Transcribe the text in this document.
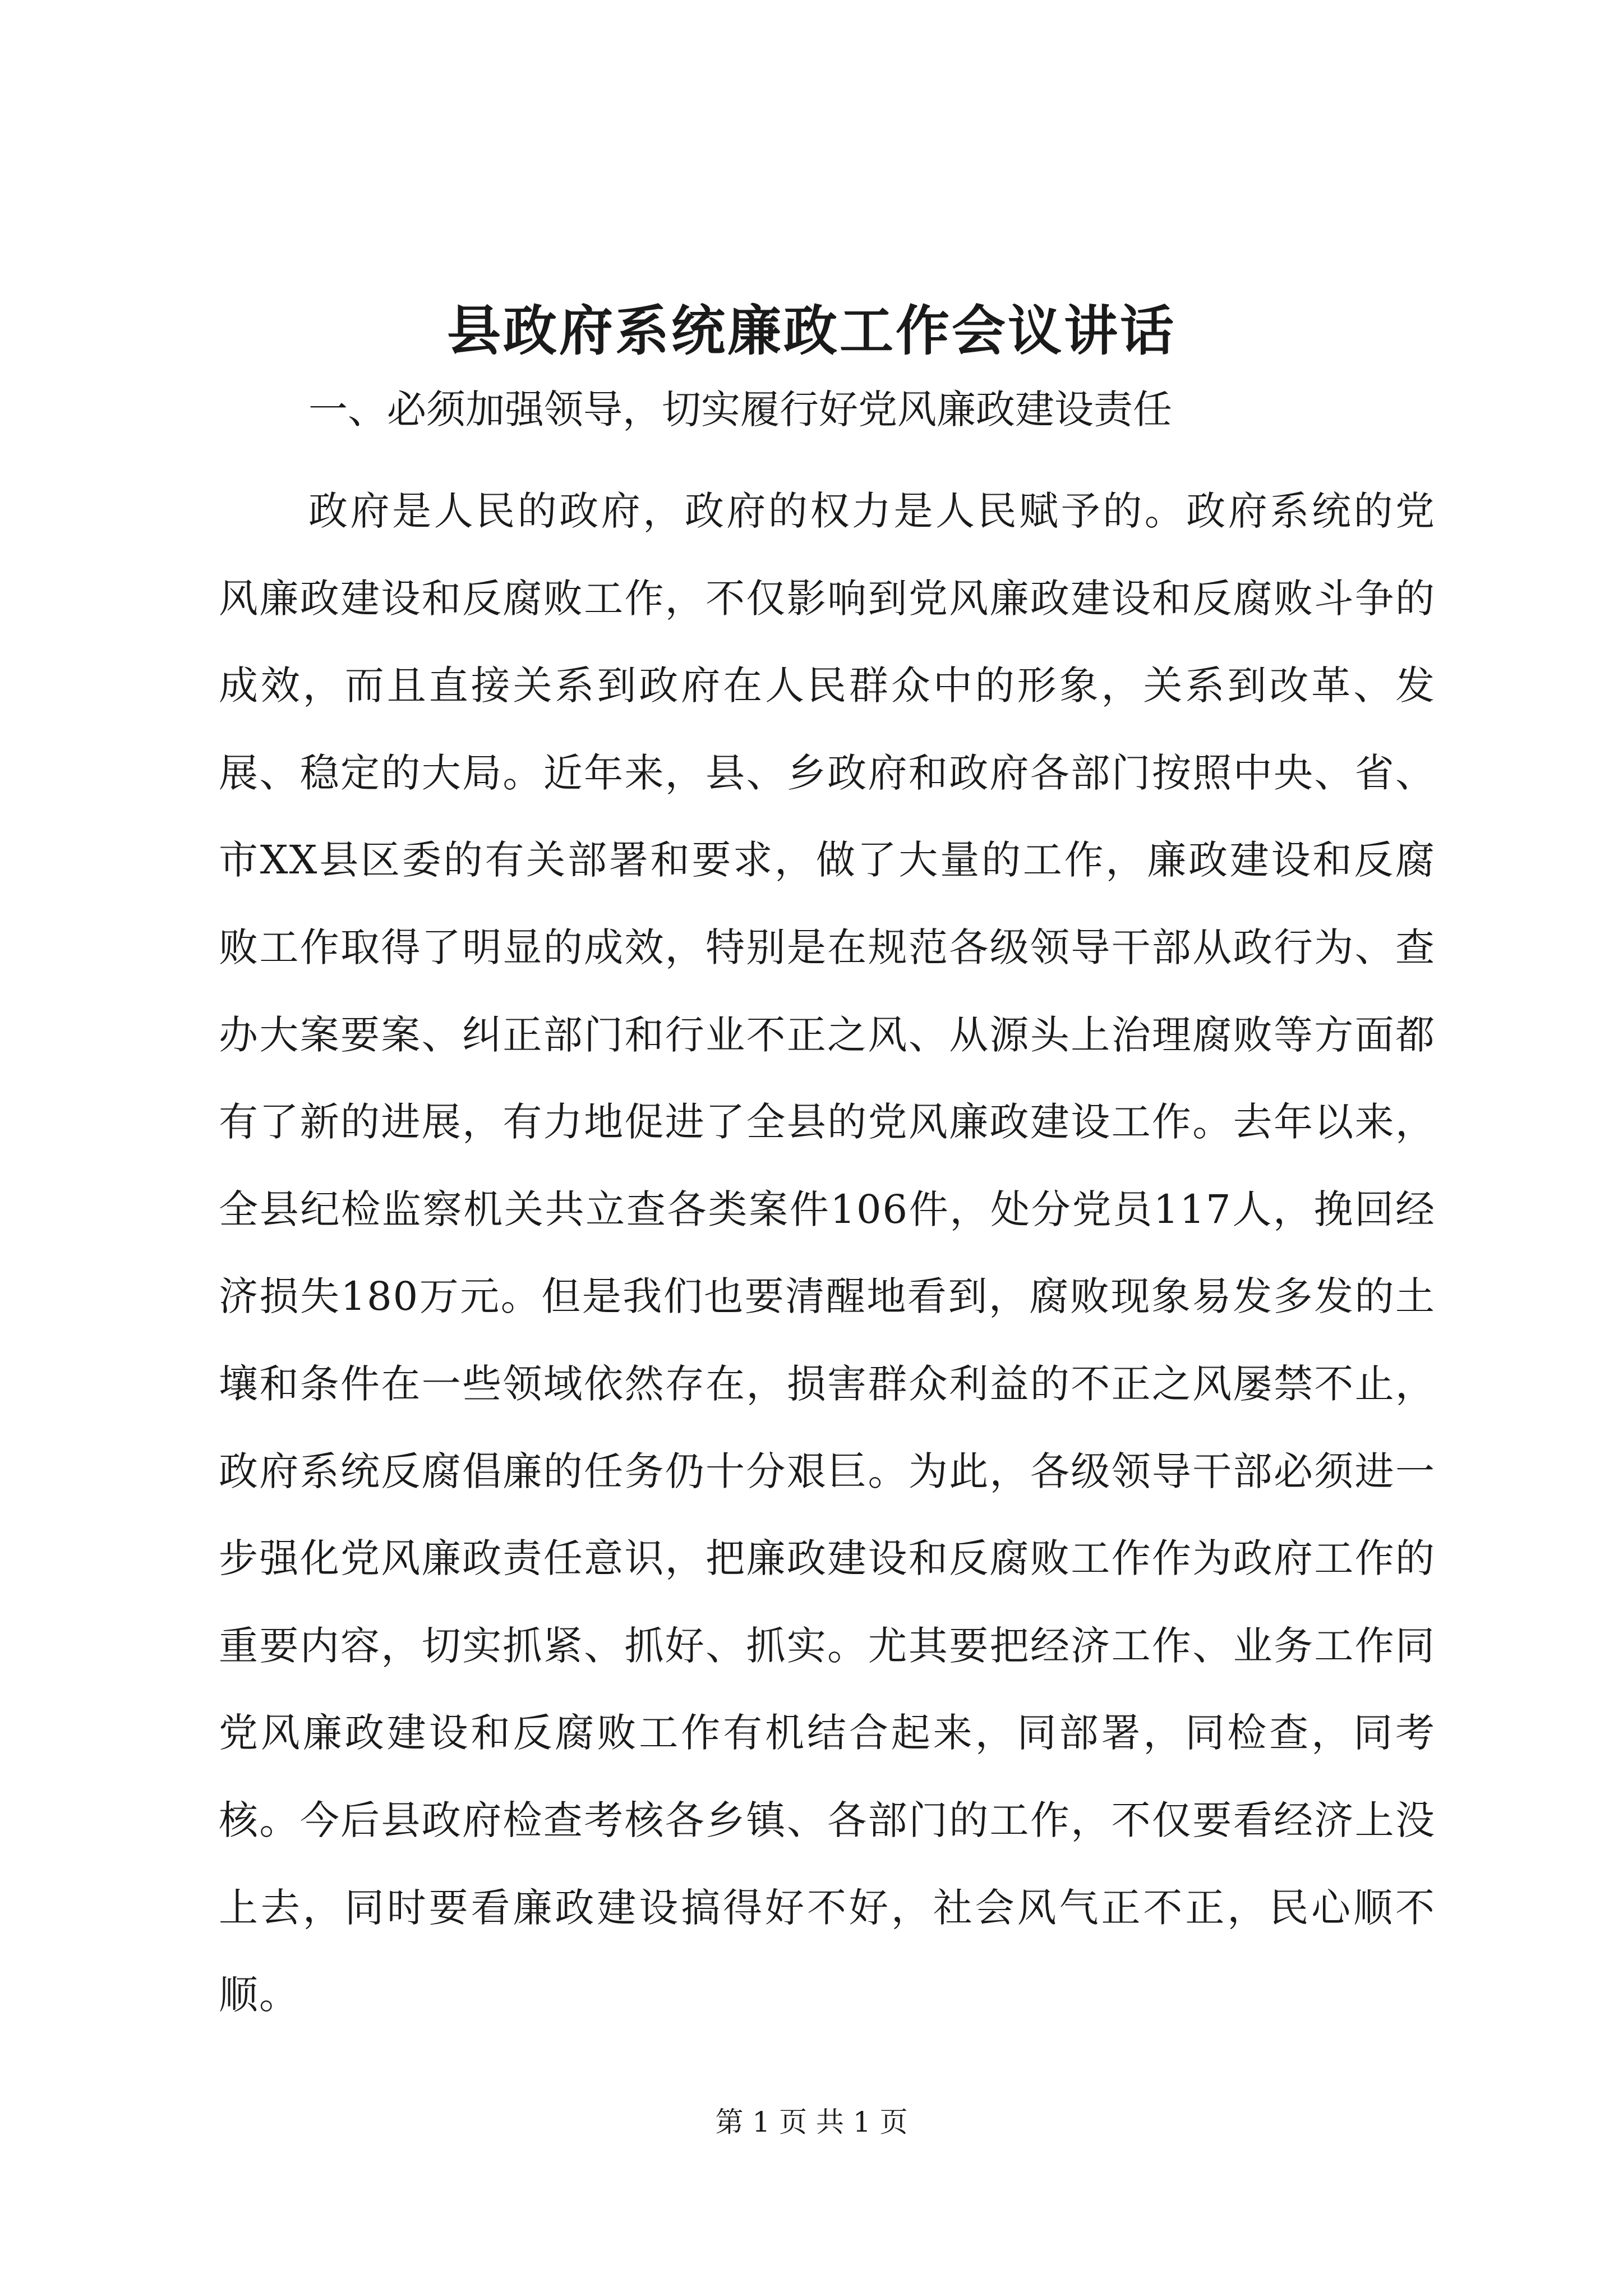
县政府系统廉政工作会议讲话

一、必须加强领导，切实履行好党风廉政建设责任

政府是人民的政府，政府的权力是人民赋予的。政府系统的党风廉政建设和反腐败工作，不仅影响到党风廉政建设和反腐败斗争的成效，而且直接关系到政府在人民群众中的形象，关系到改革、发展、稳定的大局。近年来，县、乡政府和政府各部门按照中央、省、市XX县区委的有关部署和要求，做了大量的工作，廉政建设和反腐败工作取得了明显的成效，特别是在规范各级领导干部从政行为、查办大案要案、纠正部门和行业不正之风、从源头上治理腐败等方面都有了新的进展，有力地促进了全县的党风廉政建设工作。去年以来，全县纪检监察机关共立查各类案件106件，处分党员117人，挽回经济损失180万元。但是我们也要清醒地看到，腐败现象易发多发的土壤和条件在一些领域依然存在，损害群众利益的不正之风屡禁不止，政府系统反腐倡廉的任务仍十分艰巨。为此，各级领导干部必须进一步强化党风廉政责任意识，把廉政建设和反腐败工作作为政府工作的重要内容，切实抓紧、抓好、抓实。尤其要把经济工作、业务工作同党风廉政建设和反腐败工作有机结合起来，同部署，同检查，同考核。今后县政府检查考核各乡镇、各部门的工作，不仅要看经济上没上去，同时要看廉政建设搞得好不好，社会风气正不正，民心顺不顺。

第 1 页 共 1 页
